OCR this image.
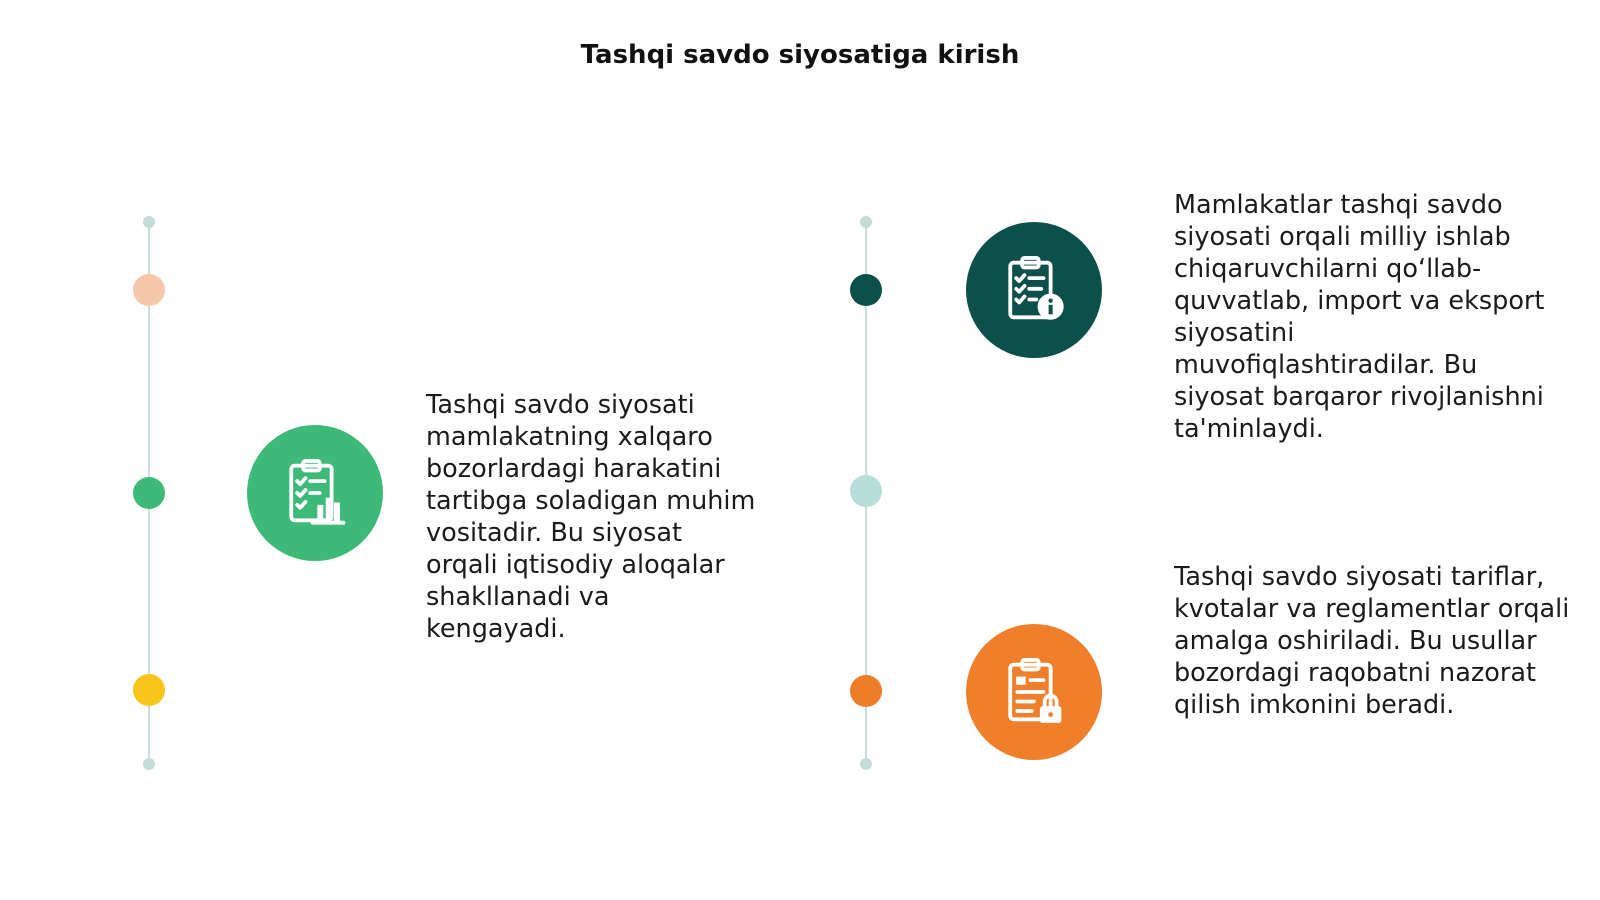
Tashqi savdo siyosatiga kirish
Tashqi savdo siyosati mamlakatning xalqaro bozorlardagi harakatini tartibga soladigan muhim vositadir. Bu siyosat orqali iqtisodiy aloqalar shakllanadi va kengayadi.
Mamlakatlar tashqi savdo siyosati orqali milliy ishlab chiqaruvchilarni qo‘llab-quvvatlab, import va eksport siyosatini muvofiqlashtiradilar. Bu siyosat barqaror rivojlanishni ta'minlaydi.
Tashqi savdo siyosati tariflar, kvotalar va reglamentlar orqali amalga oshiriladi. Bu usullar bozordagi raqobatni nazorat qilish imkonini beradi.
